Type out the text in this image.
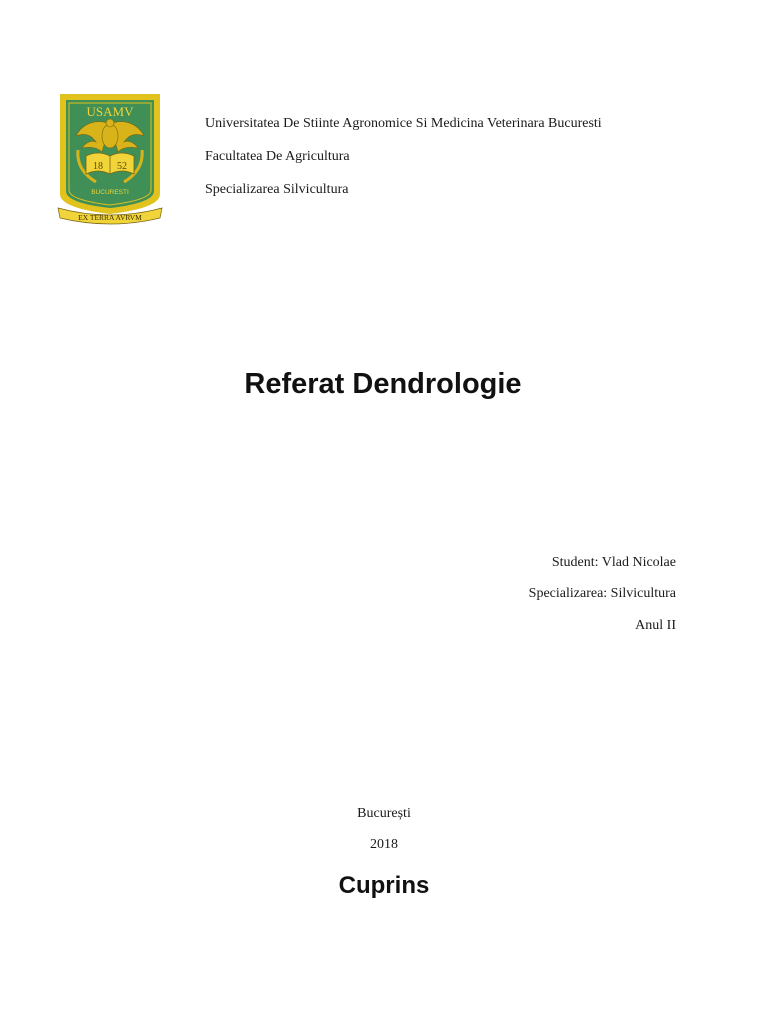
USAMV
18 52
BUCURESTI
EX TERRA AVRVM
Universitatea De Stiinte Agronomice Si Medicina Veterinara Bucuresti
Facultatea De Agricultura
Specializarea Silvicultura
Referat Dendrologie
Student: Vlad Nicolae
Specializarea: Silvicultura
Anul II
București
2018
Cuprins
